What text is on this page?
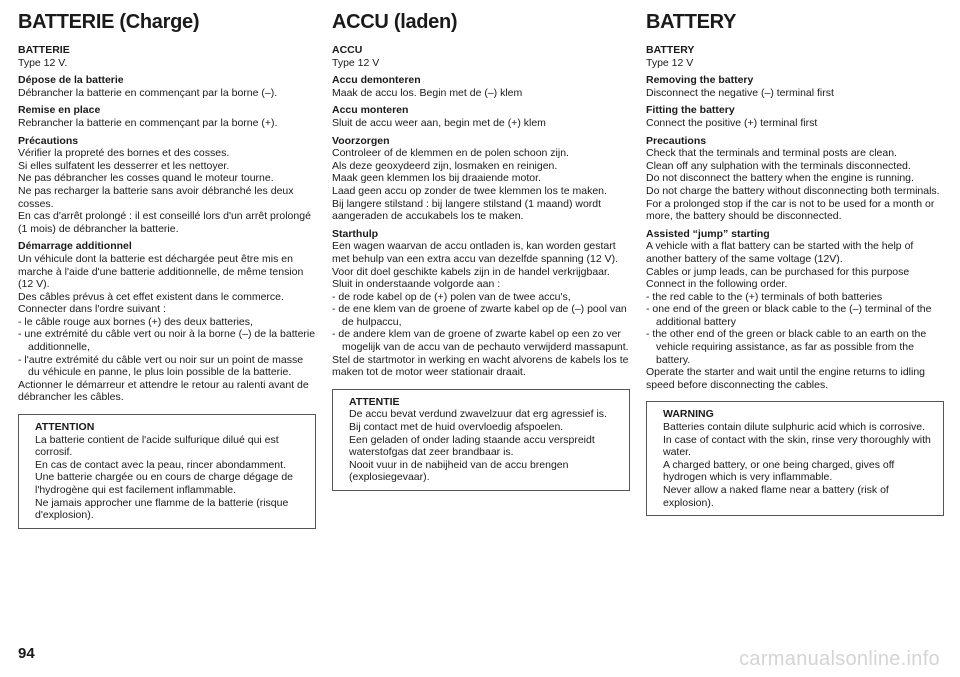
BATTERIE (Charge)
BATTERIE
Type 12 V.
Dépose de la batterie
Débrancher la batterie en commençant par la borne (–).
Remise en place
Rebrancher la batterie en commençant par la borne (+).
Précautions
Vérifier la propreté des bornes et des cosses.
Si elles sulfatent les desserrer et les nettoyer.
Ne pas débrancher les cosses quand le moteur tourne.
Ne pas recharger la batterie sans avoir débranché les deux cosses.
En cas d'arrêt prolongé : il est conseillé lors d'un arrêt prolongé (1 mois) de débrancher la batterie.
Démarrage additionnel
Un véhicule dont la batterie est déchargée peut être mis en marche à l'aide d'une batterie additionnelle, de même tension (12 V).
Des câbles prévus à cet effet existent dans le commerce.
Connecter dans l'ordre suivant :
- le câble rouge aux bornes (+) des deux batteries,
- une extrémité du câble vert ou noir à la borne (–) de la batterie additionnelle,
- l'autre extrémité du câble vert ou noir sur un point de masse du véhicule en panne, le plus loin possible de la batterie.
Actionner le démarreur et attendre le retour au ralenti avant de débrancher les câbles.
ATTENTION
La batterie contient de l'acide sulfurique dilué qui est corrosif.
En cas de contact avec la peau, rincer abondamment.
Une batterie chargée ou en cours de charge dégage de l'hydrogène qui est facilement inflammable.
Ne jamais approcher une flamme de la batterie (risque d'explosion).
ACCU (laden)
ACCU
Type 12 V
Accu demonteren
Maak de accu los. Begin met de (–) klem
Accu monteren
Sluit de accu weer aan, begin met de (+) klem
Voorzorgen
Controleer of de klemmen en de polen schoon zijn.
Als deze geoxydeerd zijn, losmaken en reinigen.
Maak geen klemmen los bij draaiende motor.
Laad geen accu op zonder de twee klemmen los te maken.
Bij langere stilstand : bij langere stilstand (1 maand) wordt aangeraden de accukabels los te maken.
Starthulp
Een wagen waarvan de accu ontladen is, kan worden gestart met behulp van een extra accu van dezelfde spanning (12 V). Voor dit doel geschikte kabels zijn in de handel verkrijgbaar.
Sluit in onderstaande volgorde aan :
- de rode kabel op de (+) polen van de twee accu's,
- de ene klem van de groene of zwarte kabel op de (–) pool van de hulpaccu,
- de andere klem van de groene of zwarte kabel op een zo ver mogelijk van de accu van de pechauto verwijderd massapunt.
Stel de startmotor in werking en wacht alvorens de kabels los te maken tot de motor weer stationair draait.
ATTENTIE
De accu bevat verdund zwavelzuur dat erg agressief is.
Bij contact met de huid overvloedig afspoelen.
Een geladen of onder lading staande accu verspreidt waterstofgas dat zeer brandbaar is.
Nooit vuur in de nabijheid van de accu brengen (explosiegevaar).
BATTERY
BATTERY
Type 12 V
Removing the battery
Disconnect the negative (–) terminal first
Fitting the battery
Connect the positive (+) terminal first
Precautions
Check that the terminals and terminal posts are clean.
Clean off any sulphation with the terminals disconnected.
Do not disconnect the battery when the engine is running.
Do not charge the battery without disconnecting both terminals.
For a prolonged stop if the car is not to be used for a month or more, the battery should be disconnected.
Assisted “jump” starting
A vehicle with a flat battery can be started with the help of another battery of the same voltage (12V).
Cables or jump leads, can be purchased for this purpose
Connect in the following order.
- the red cable to the (+) terminals of both batteries
- one end of the green or black cable to the (–) terminal of the additional battery
- the other end of the green or black cable to an earth on the vehicle requiring assistance, as far as possible from the battery.
Operate the starter and wait until the engine returns to idling speed before disconnecting the cables.
WARNING
Batteries contain dilute sulphuric acid which is corrosive.
In case of contact with the skin, rinse very thoroughly with water.
A charged battery, or one being charged, gives off hydrogen which is very inflammable.
Never allow a naked flame near a battery (risk of explosion).
94	carmanualsonline.info
